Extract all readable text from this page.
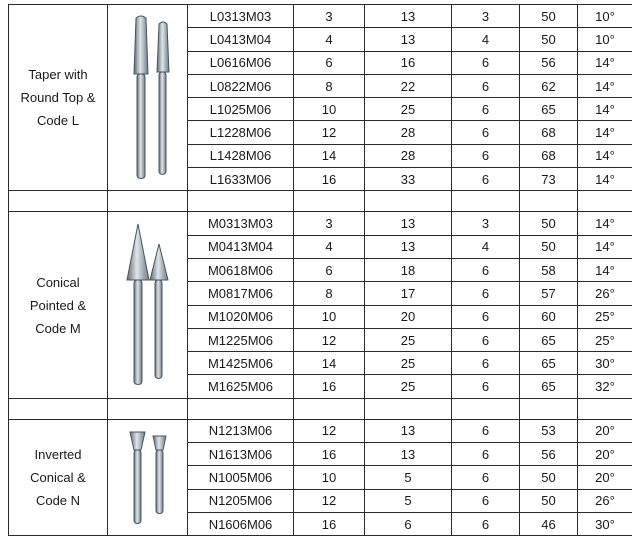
Taper with
Round Top &
Code L		L0313M03	3	13	3	50	10°
		L0413M04	4	13	4	50	10°
		L0616M06	6	16	6	56	14°
		L0822M06	8	22	6	62	14°
		L1025M06	10	25	6	65	14°
		L1228M06	12	28	6	68	14°
		L1428M06	14	28	6	68	14°
		L1633M06	16	33	6	73	14°

Conical
Pointed &
Code M		M0313M03	3	13	3	50	14°
		M0413M04	4	13	4	50	14°
		M0618M06	6	18	6	58	14°
		M0817M06	8	17	6	57	26°
		M1020M06	10	20	6	60	25°
		M1225M06	12	25	6	65	25°
		M1425M06	14	25	6	65	30°
		M1625M06	16	25	6	65	32°

Inverted
Conical &
Code N		N1213M06	12	13	6	53	20°
		N1613M06	16	13	6	56	20°
		N1005M06	10	5	6	50	20°
		N1205M06	12	5	6	50	26°
		N1606M06	16	6	6	46	30°
